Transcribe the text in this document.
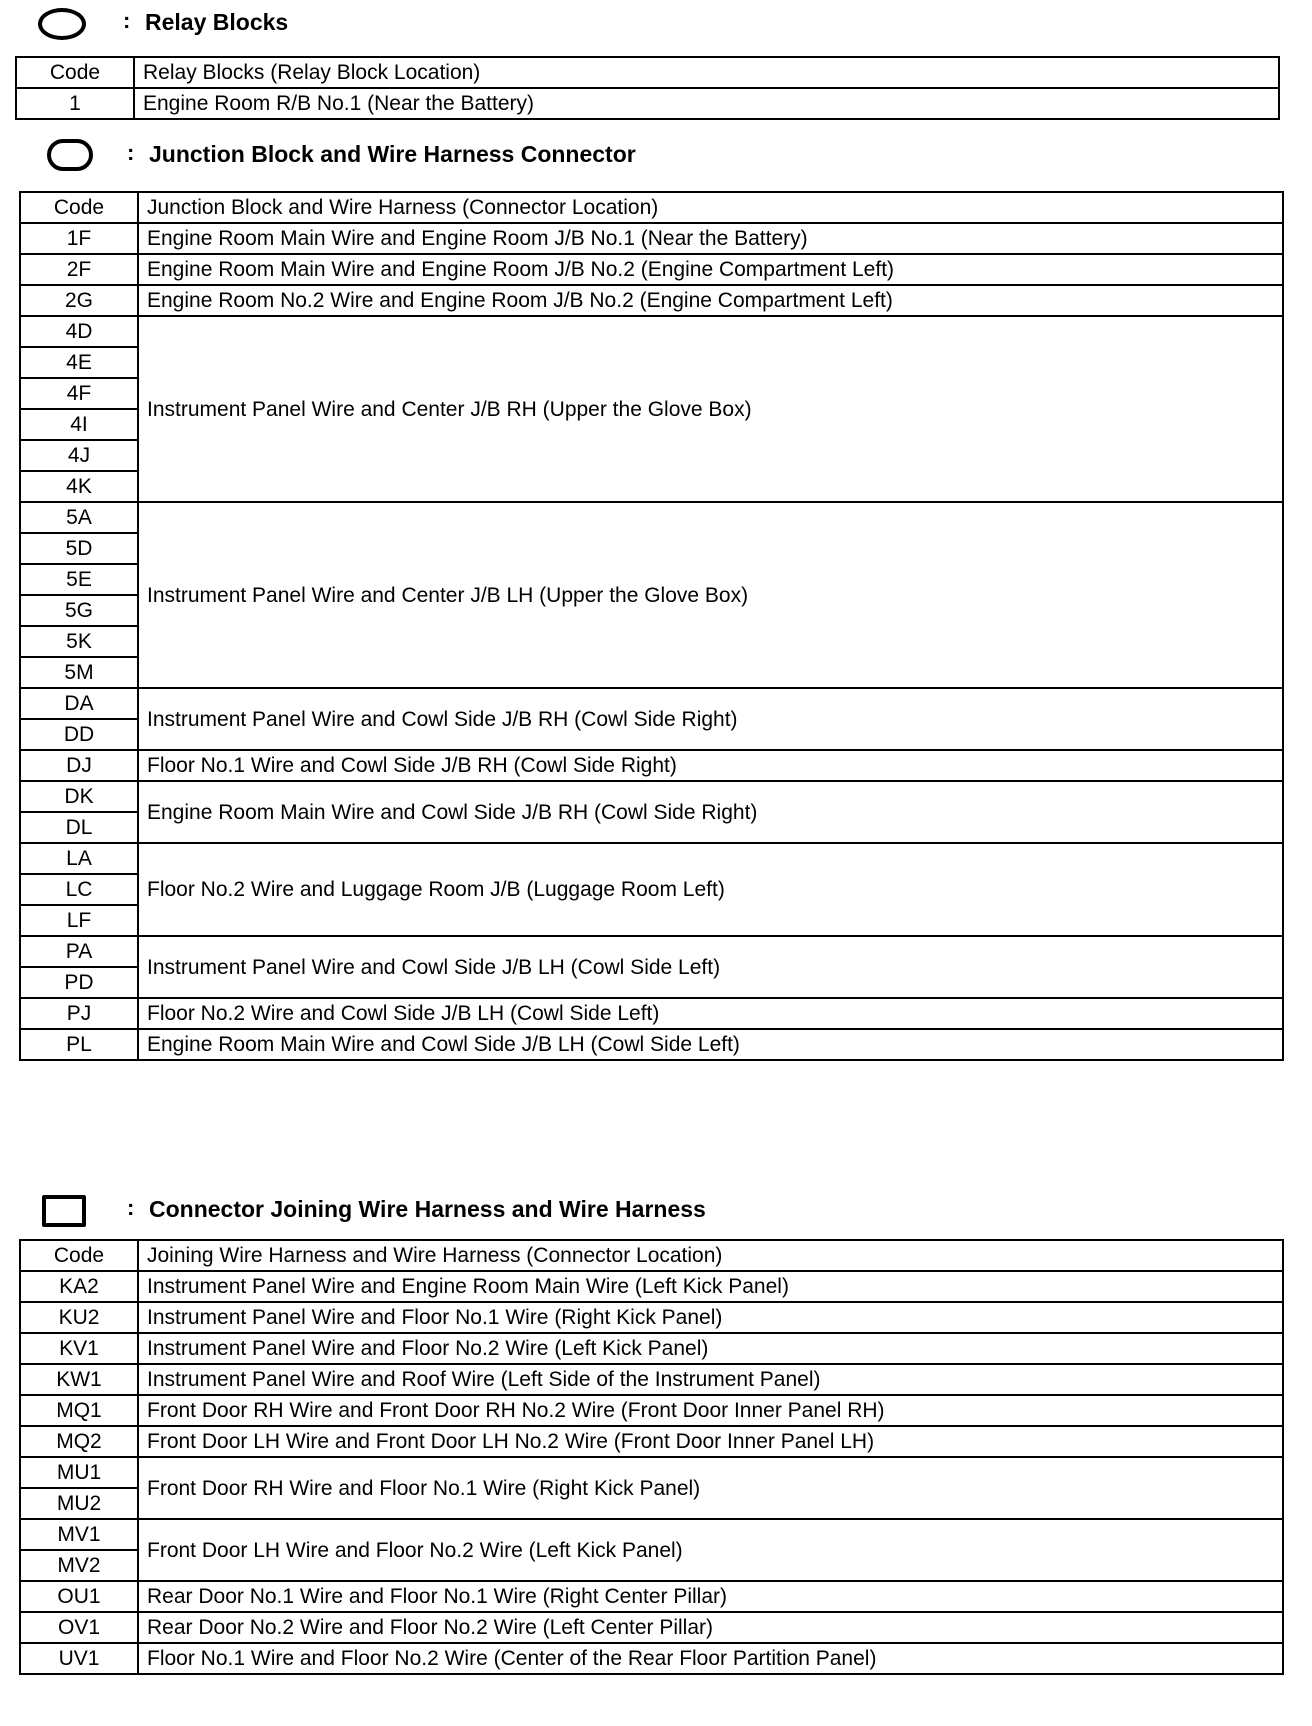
: Relay Blocks
Code	Relay Blocks (Relay Block Location)
1	Engine Room R/B No.1 (Near the Battery)
: Junction Block and Wire Harness Connector
Code	Junction Block and Wire Harness (Connector Location)
1F	Engine Room Main Wire and Engine Room J/B No.1 (Near the Battery)
2F	Engine Room Main Wire and Engine Room J/B No.2 (Engine Compartment Left)
2G	Engine Room No.2 Wire and Engine Room J/B No.2 (Engine Compartment Left)
4D	Instrument Panel Wire and Center J/B RH (Upper the Glove Box)
4E	
4F	
4I	
4J	
4K	
5A	Instrument Panel Wire and Center J/B LH (Upper the Glove Box)
5D	
5E	
5G	
5K	
5M	
DA	Instrument Panel Wire and Cowl Side J/B RH (Cowl Side Right)
DD	
DJ	Floor No.1 Wire and Cowl Side J/B RH (Cowl Side Right)
DK	Engine Room Main Wire and Cowl Side J/B RH (Cowl Side Right)
DL	
LA	Floor No.2 Wire and Luggage Room J/B (Luggage Room Left)
LC	
LF	
PA	Instrument Panel Wire and Cowl Side J/B LH (Cowl Side Left)
PD	
PJ	Floor No.2 Wire and Cowl Side J/B LH (Cowl Side Left)
PL	Engine Room Main Wire and Cowl Side J/B LH (Cowl Side Left)
: Connector Joining Wire Harness and Wire Harness
Code	Joining Wire Harness and Wire Harness (Connector Location)
KA2	Instrument Panel Wire and Engine Room Main Wire (Left Kick Panel)
KU2	Instrument Panel Wire and Floor No.1 Wire (Right Kick Panel)
KV1	Instrument Panel Wire and Floor No.2 Wire (Left Kick Panel)
KW1	Instrument Panel Wire and Roof Wire (Left Side of the Instrument Panel)
MQ1	Front Door RH Wire and Front Door RH No.2 Wire (Front Door Inner Panel RH)
MQ2	Front Door LH Wire and Front Door LH No.2 Wire (Front Door Inner Panel LH)
MU1	Front Door RH Wire and Floor No.1 Wire (Right Kick Panel)
MU2	
MV1	Front Door LH Wire and Floor No.2 Wire (Left Kick Panel)
MV2	
OU1	Rear Door No.1 Wire and Floor No.1 Wire (Right Center Pillar)
OV1	Rear Door No.2 Wire and Floor No.2 Wire (Left Center Pillar)
UV1	Floor No.1 Wire and Floor No.2 Wire (Center of the Rear Floor Partition Panel)
